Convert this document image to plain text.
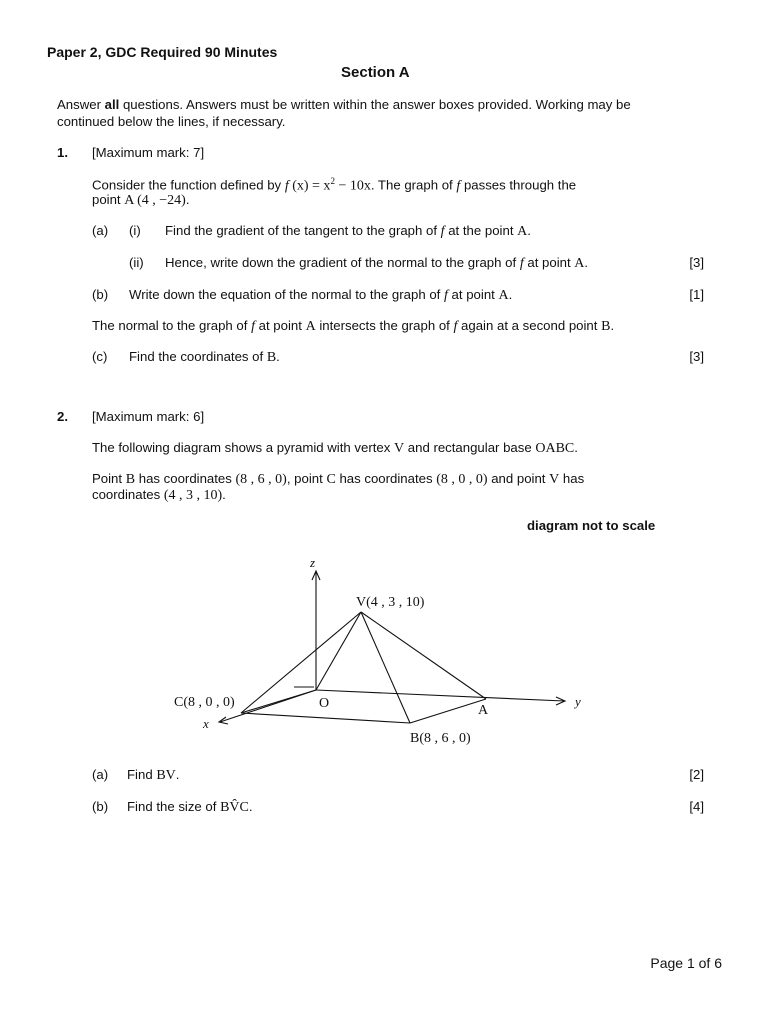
Paper 2, GDC Required 90 Minutes
Section A
Answer all questions. Answers must be written within the answer boxes provided. Working may be
continued below the lines, if necessary.
1. [Maximum mark: 7]
Consider the function defined by f $(x) = x^2 - 10x$. The graph of f passes through the
point A (4 , −24).
(a) (i) Find the gradient of the tangent to the graph of f at the point A.
(ii) Hence, write down the gradient of the normal to the graph of f at point A.	[3]
(b) Write down the equation of the normal to the graph of f at point A.	[1]
The normal to the graph of f at point A intersects the graph of f again at a second point B.
(c) Find the coordinates of B.	[3]
2. [Maximum mark: 6]
The following diagram shows a pyramid with vertex V and rectangular base OABC.
Point B has coordinates (8 , 6 , 0), point C has coordinates (8 , 0 , 0) and point V has
coordinates (4 , 3 , 10).
diagram not to scale
z
y
x
V(4 , 3 , 10)
C(8 , 0 , 0)	O	A
B(8 , 6 , 0)
(a) Find BV.	[2]
(b) Find the size of BV̂C.	[4]
Page 1 of 6
